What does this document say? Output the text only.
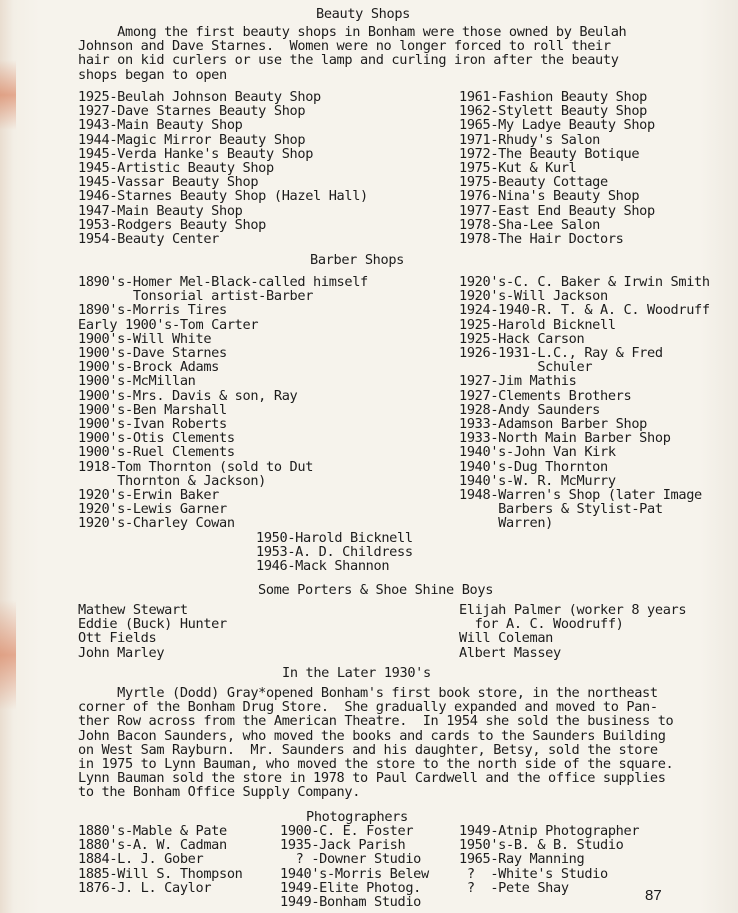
Beauty Shops
Among the first beauty shops in Bonham were those owned by Beulah
Johnson and Dave Starnes.  Women were no longer forced to roll their
hair on kid curlers or use the lamp and curling iron after the beauty
shops began to open
1925-Beulah Johnson Beauty Shop
1927-Dave Starnes Beauty Shop
1943-Main Beauty Shop
1944-Magic Mirror Beauty Shop
1945-Verda Hanke's Beauty Shop
1945-Artistic Beauty Shop
1945-Vassar Beauty Shop
1946-Starnes Beauty Shop (Hazel Hall)
1947-Main Beauty Shop
1953-Rodgers Beauty Shop
1954-Beauty Center
1961-Fashion Beauty Shop
1962-Stylett Beauty Shop
1965-My Ladye Beauty Shop
1971-Rhudy's Salon
1972-The Beauty Botique
1975-Kut & Kurl
1975-Beauty Cottage
1976-Nina's Beauty Shop
1977-East End Beauty Shop
1978-Sha-Lee Salon
1978-The Hair Doctors
Barber Shops
1890's-Homer Mel-Black-called himself
Tonsorial artist-Barber
1890's-Morris Tires
Early 1900's-Tom Carter
1900's-Will White
1900's-Dave Starnes
1900's-Brock Adams
1900's-McMillan
1900's-Mrs. Davis & son, Ray
1900's-Ben Marshall
1900's-Ivan Roberts
1900's-Otis Clements
1900's-Ruel Clements
1918-Tom Thornton (sold to Dut
Thornton & Jackson)
1920's-Erwin Baker
1920's-Lewis Garner
1920's-Charley Cowan
1920's-C. C. Baker & Irwin Smith
1920's-Will Jackson
1924-1940-R. T. & A. C. Woodruff
1925-Harold Bicknell
1925-Hack Carson
1926-1931-L.C., Ray & Fred
Schuler
1927-Jim Mathis
1927-Clements Brothers
1928-Andy Saunders
1933-Adamson Barber Shop
1933-North Main Barber Shop
1940's-John Van Kirk
1940's-Dug Thornton
1940's-W. R. McMurry
1948-Warren's Shop (later Image
Barbers & Stylist-Pat
Warren)
1950-Harold Bicknell
1953-A. D. Childress
1946-Mack Shannon
Some Porters & Shoe Shine Boys
Mathew Stewart
Eddie (Buck) Hunter
Ott Fields
John Marley
Elijah Palmer (worker 8 years
for A. C. Woodruff)
Will Coleman
Albert Massey
In the Later 1930's
Myrtle (Dodd) Gray*opened Bonham's first book store, in the northeast
corner of the Bonham Drug Store.  She gradually expanded and moved to Pan-
ther Row across from the American Theatre.  In 1954 she sold the business to
John Bacon Saunders, who moved the books and cards to the Saunders Building
on West Sam Rayburn.  Mr. Saunders and his daughter, Betsy, sold the store
in 1975 to Lynn Bauman, who moved the store to the north side of the square.
Lynn Bauman sold the store in 1978 to Paul Cardwell and the office supplies
to the Bonham Office Supply Company.
Photographers
1880's-Mable & Pate
1880's-A. W. Cadman
1884-L. J. Gober
1885-Will S. Thompson
1876-J. L. Caylor
1900-C. E. Foster
1935-Jack Parish
? -Downer Studio
1940's-Morris Belew
1949-Elite Photog.
1949-Bonham Studio
1949-Atnip Photographer
1950's-B. & B. Studio
1965-Ray Manning
?  -White's Studio
?  -Pete Shay	87
